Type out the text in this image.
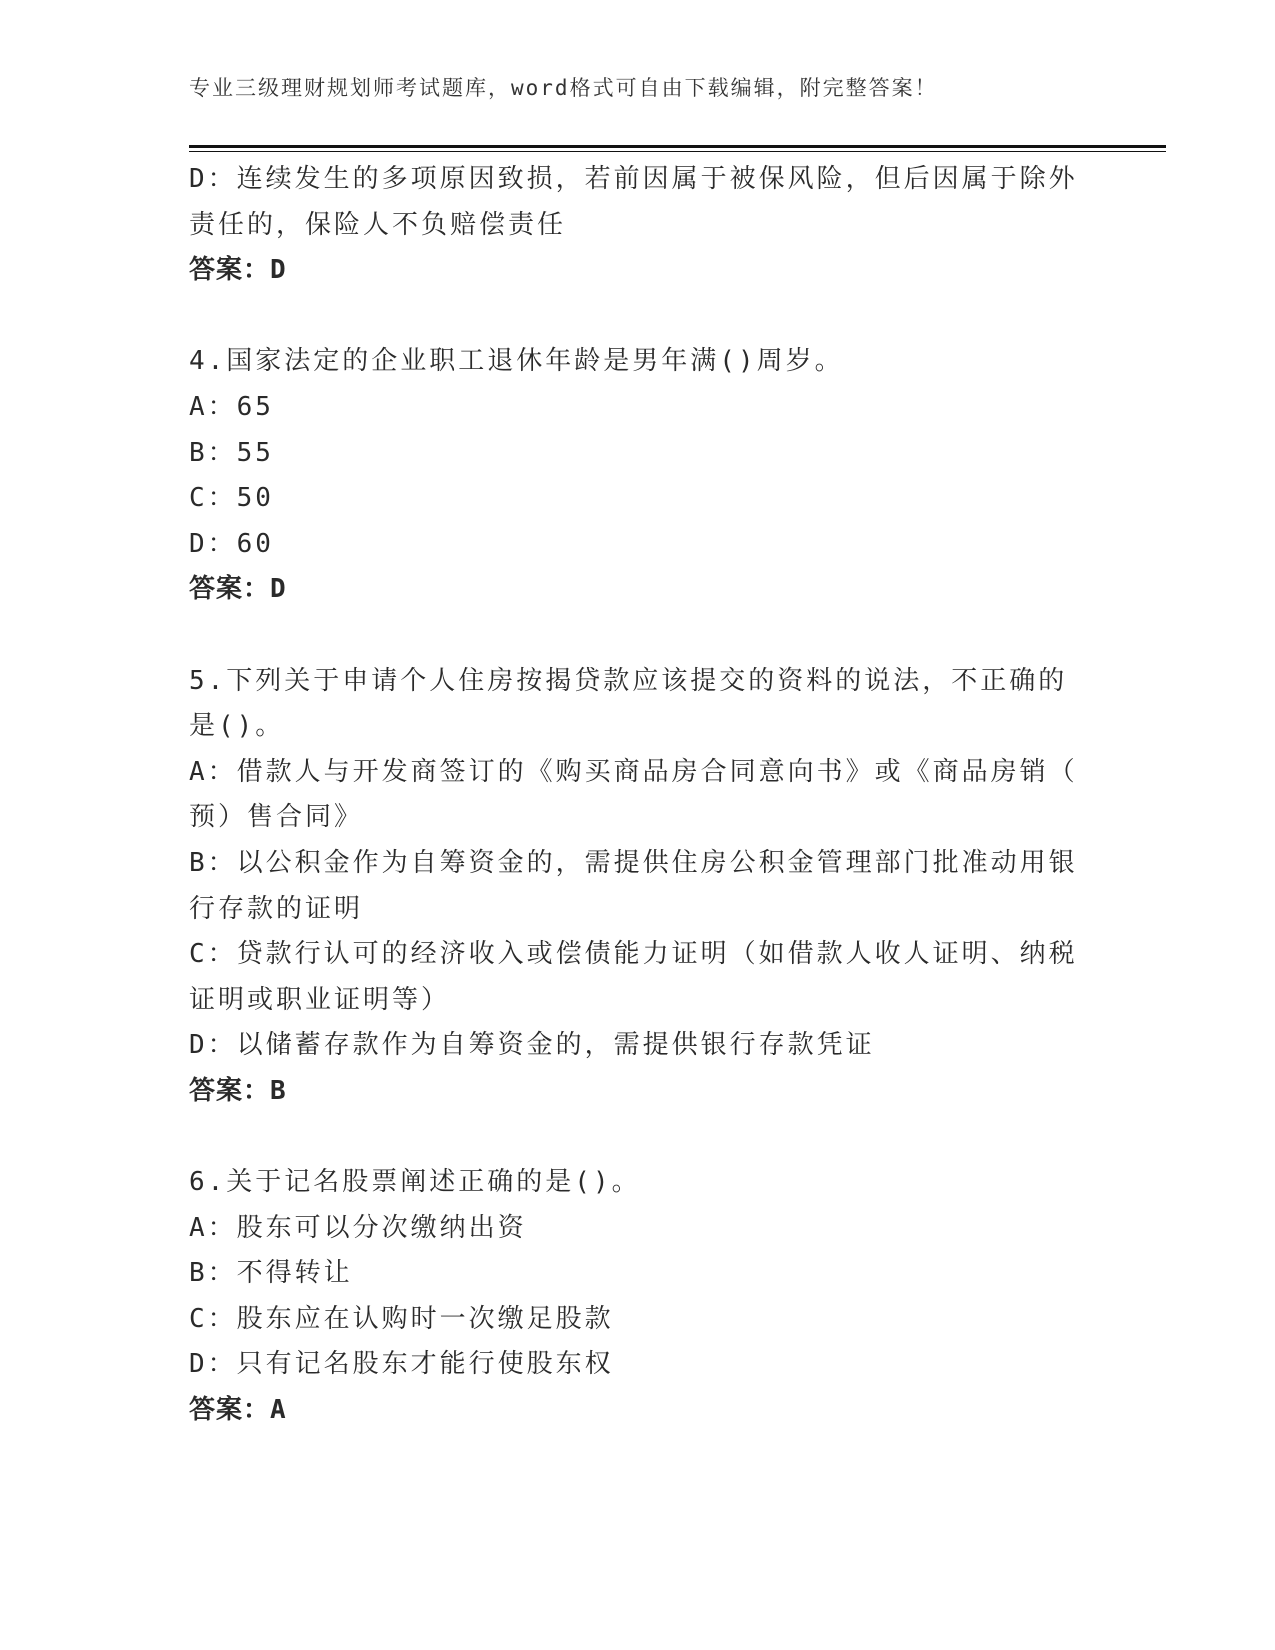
专业三级理财规划师考试题库，word格式可自由下载编辑，附完整答案！
D：连续发生的多项原因致损，若前因属于被保风险，但后因属于除外
责任的，保险人不负赔偿责任
答案：D
4.国家法定的企业职工退休年龄是男年满()周岁。
A：65
B：55
C：50
D：60
答案：D
5.下列关于申请个人住房按揭贷款应该提交的资料的说法，不正确的
是()。
A：借款人与开发商签订的《购买商品房合同意向书》或《商品房销（
预）售合同》
B：以公积金作为自筹资金的，需提供住房公积金管理部门批准动用银
行存款的证明
C：贷款行认可的经济收入或偿债能力证明（如借款人收人证明、纳税
证明或职业证明等）
D：以储蓄存款作为自筹资金的，需提供银行存款凭证
答案：B
6.关于记名股票阐述正确的是()。
A：股东可以分次缴纳出资
B：不得转让
C：股东应在认购时一次缴足股款
D：只有记名股东才能行使股东权
答案：A
